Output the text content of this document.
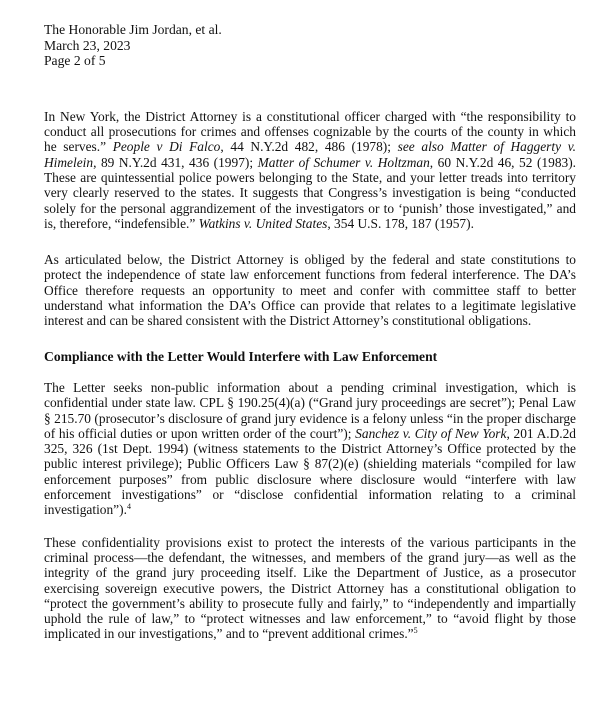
The Honorable Jim Jordan, et al.

March 23, 2023

Page 2 of 5

In New York, the District Attorney is a constitutional officer charged with “the responsibility to conduct all prosecutions for crimes and offenses cognizable by the courts of the county in which he serves.” People v Di Falco, 44 N.Y.2d 482, 486 (1978); see also Matter of Haggerty v. Himelein, 89 N.Y.2d 431, 436 (1997); Matter of Schumer v. Holtzman, 60 N.Y.2d 46, 52 (1983). These are quintessential police powers belonging to the State, and your letter treads into territory very clearly reserved to the states. It suggests that Congress’s investigation is being “conducted solely for the personal aggrandizement of the investigators or to ‘punish’ those investigated,” and is, therefore, “indefensible.” Watkins v. United States, 354 U.S. 178, 187 (1957).

As articulated below, the District Attorney is obliged by the federal and state constitutions to protect the independence of state law enforcement functions from federal interference. The DA’s Office therefore requests an opportunity to meet and confer with committee staff to better understand what information the DA’s Office can provide that relates to a legitimate legislative interest and can be shared consistent with the District Attorney’s constitutional obligations.

Compliance with the Letter Would Interfere with Law Enforcement

The Letter seeks non-public information about a pending criminal investigation, which is confidential under state law. CPL § 190.25(4)(a) (“Grand jury proceedings are secret”); Penal Law § 215.70 (prosecutor’s disclosure of grand jury evidence is a felony unless “in the proper discharge of his official duties or upon written order of the court”); Sanchez v. City of New York, 201 A.D.2d 325, 326 (1st Dept. 1994) (witness statements to the District Attorney’s Office protected by the public interest privilege); Public Officers Law § 87(2)(e) (shielding materials “compiled for law enforcement purposes” from public disclosure where disclosure would “interfere with law enforcement investigations” or “disclose confidential information relating to a criminal investigation”).$^4$

These confidentiality provisions exist to protect the interests of the various participants in the criminal process—the defendant, the witnesses, and members of the grand jury—as well as the integrity of the grand jury proceeding itself. Like the Department of Justice, as a prosecutor exercising sovereign executive powers, the District Attorney has a constitutional obligation to “protect the government’s ability to prosecute fully and fairly,” to “independently and impartially uphold the rule of law,” to “protect witnesses and law enforcement,” to “avoid flight by those implicated in our investigations,” and to “prevent additional crimes.”$^5$
